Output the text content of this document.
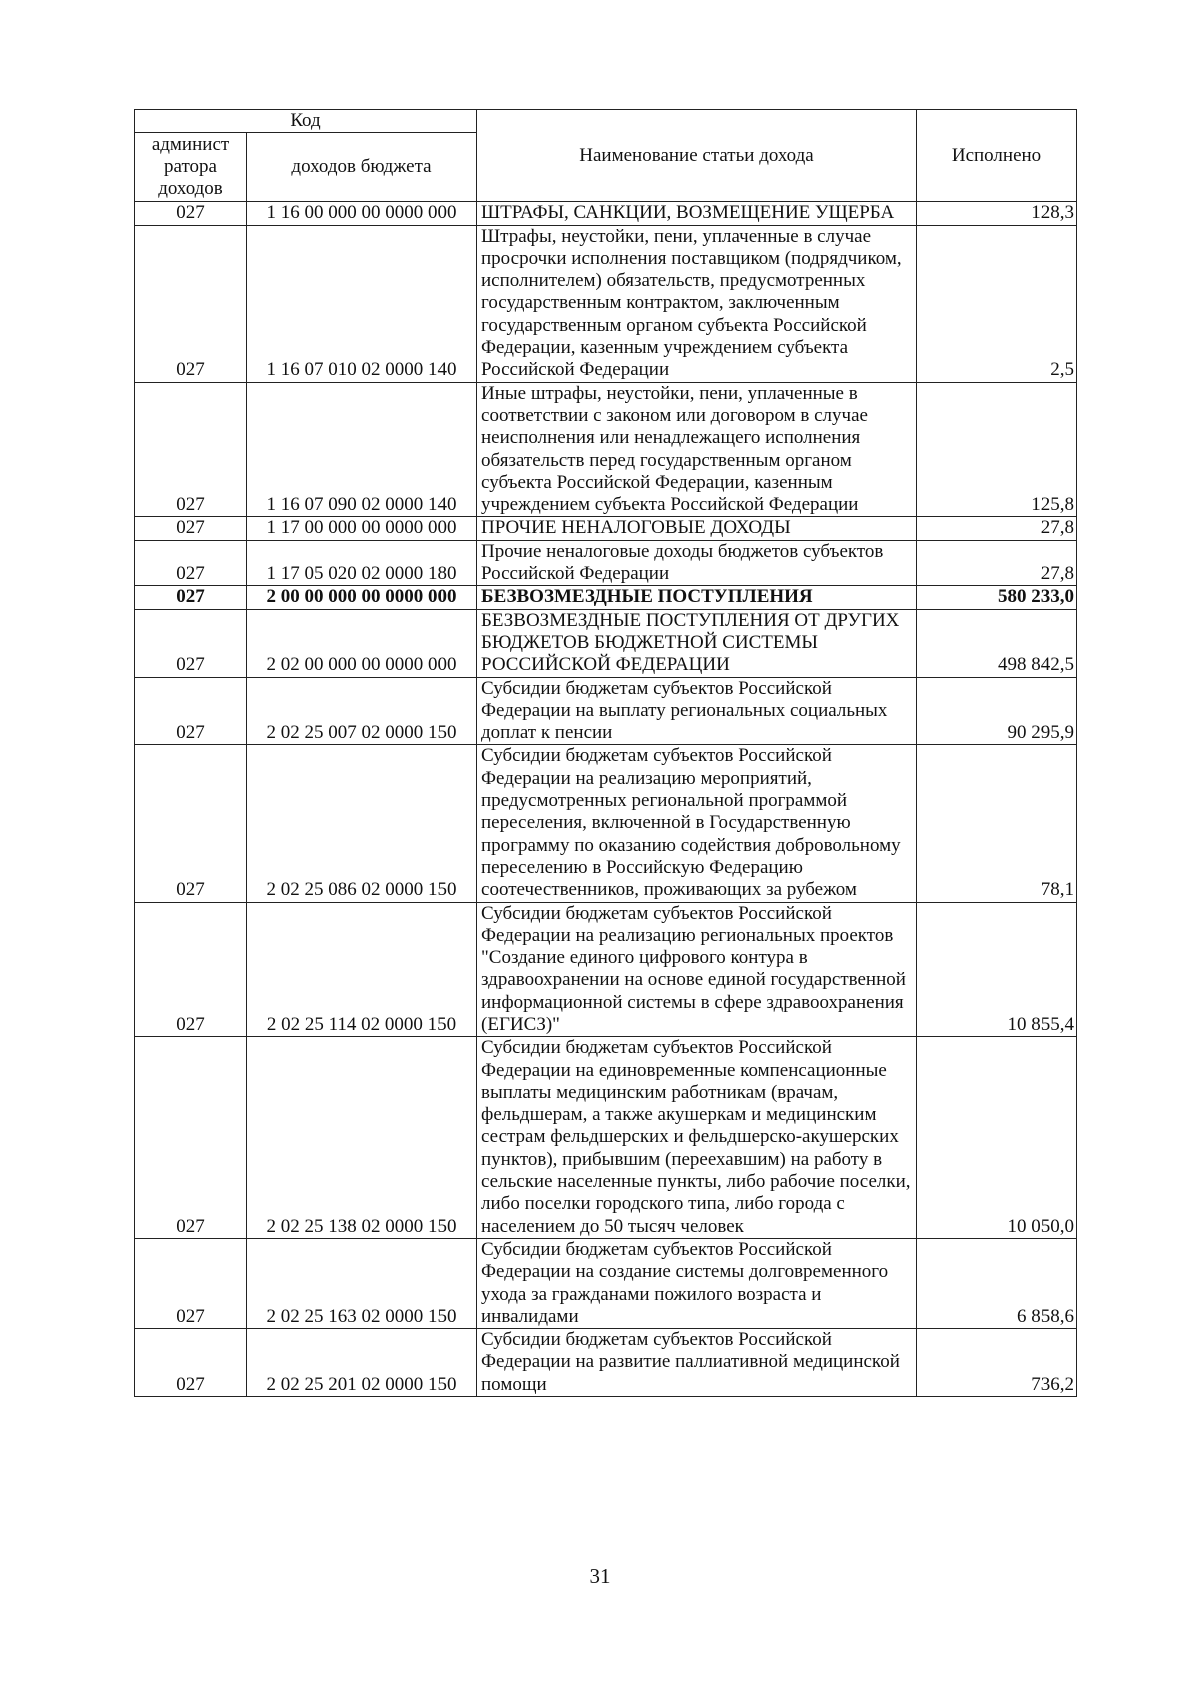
Код		Наименование статьи дохода	Исполнено
админист ратора доходов	доходов бюджета		
027	1 16 00 000 00 0000 000	ШТРАФЫ, САНКЦИИ, ВОЗМЕЩЕНИЕ УЩЕРБА	128,3
027	1 16 07 010 02 0000 140	Штрафы, неустойки, пени, уплаченные в случае просрочки исполнения поставщиком (подрядчиком, исполнителем) обязательств, предусмотренных государственным контрактом, заключенным государственным органом субъекта Российской Федерации, казенным учреждением субъекта Российской Федерации	2,5
027	1 16 07 090 02 0000 140	Иные штрафы, неустойки, пени, уплаченные в соответствии с законом или договором в случае неисполнения или ненадлежащего исполнения обязательств перед государственным органом субъекта Российской Федерации, казенным учреждением субъекта Российской Федерации	125,8
027	1 17 00 000 00 0000 000	ПРОЧИЕ НЕНАЛОГОВЫЕ ДОХОДЫ	27,8
027	1 17 05 020 02 0000 180	Прочие неналоговые доходы бюджетов субъектов Российской Федерации	27,8
027	2 00 00 000 00 0000 000	БЕЗВОЗМЕЗДНЫЕ ПОСТУПЛЕНИЯ	580 233,0
027	2 02 00 000 00 0000 000	БЕЗВОЗМЕЗДНЫЕ ПОСТУПЛЕНИЯ ОТ ДРУГИХ БЮДЖЕТОВ БЮДЖЕТНОЙ СИСТЕМЫ РОССИЙСКОЙ ФЕДЕРАЦИИ	498 842,5
027	2 02 25 007 02 0000 150	Субсидии бюджетам субъектов Российской Федерации на выплату региональных социальных доплат к пенсии	90 295,9
027	2 02 25 086 02 0000 150	Субсидии бюджетам субъектов Российской Федерации на реализацию мероприятий, предусмотренных региональной программой переселения, включенной в Государственную программу по оказанию содействия добровольному переселению в Российскую Федерацию соотечественников, проживающих за рубежом	78,1
027	2 02 25 114 02 0000 150	Субсидии бюджетам субъектов Российской Федерации на реализацию региональных проектов "Создание единого цифрового контура в здравоохранении на основе единой государственной информационной системы в сфере здравоохранения (ЕГИСЗ)"	10 855,4
027	2 02 25 138 02 0000 150	Субсидии бюджетам субъектов Российской Федерации на единовременные компенсационные выплаты медицинским работникам (врачам, фельдшерам, а также акушеркам и медицинским сестрам фельдшерских и фельдшерско-акушерских пунктов), прибывшим (переехавшим) на работу в сельские населенные пункты, либо рабочие поселки, либо поселки городского типа, либо города с населением до 50 тысяч человек	10 050,0
027	2 02 25 163 02 0000 150	Субсидии бюджетам субъектов Российской Федерации на создание системы долговременного ухода за гражданами пожилого возраста и инвалидами	6 858,6
027	2 02 25 201 02 0000 150	Субсидии бюджетам субъектов Российской Федерации на развитие паллиативной медицинской помощи	736,2
31
